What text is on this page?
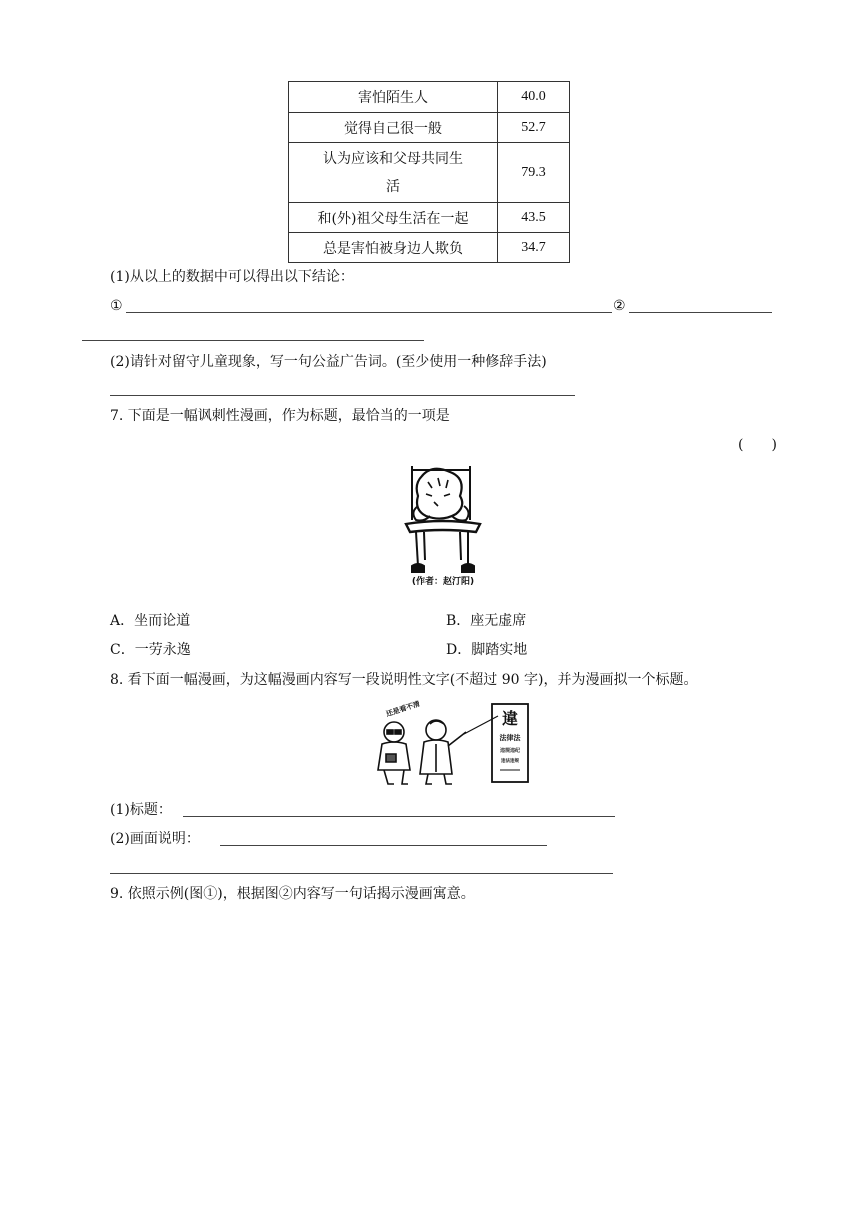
害怕陌生人	40.0
觉得自己很一般	52.7
认为应该和父母共同生
活	79.3
和(外)祖父母生活在一起	43.5
总是害怕被身边人欺负	34.7
(1)从以上的数据中可以得出以下结论：
①	②
(2)请针对留守儿童现象，写一句公益广告词。(至少使用一种修辞手法)
7. 下面是一幅讽刺性漫画，作为标题，最恰当的一项是
(　　)
(作者：赵汀阳)
A．坐而论道	B．座无虚席
C．一劳永逸	D．脚踏实地
8. 看下面一幅漫画，为这幅漫画内容写一段说明性文字(不超过 90 字)，并为漫画拟一个标题。
还是看不清	違
法律法
违规违纪
违法违规
(1)标题：
(2)画面说明：
9. 依照示例(图①)，根据图②内容写一句话揭示漫画寓意。
